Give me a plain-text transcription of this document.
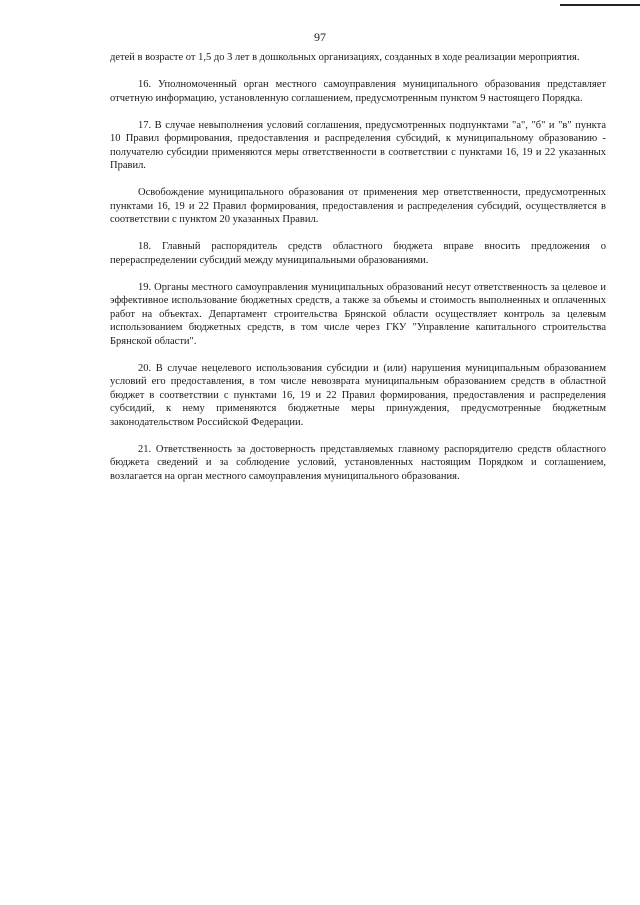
97

детей в возрасте от 1,5 до 3 лет в дошкольных организациях, созданных в ходе реализации мероприятия.

16. Уполномоченный орган местного самоуправления муниципального образования представляет отчетную информацию, установленную соглашением, предусмотренным пунктом 9 настоящего Порядка.

17. В случае невыполнения условий соглашения, предусмотренных подпунктами "а", "б" и "в" пункта 10 Правил формирования, предоставления и распределения субсидий, к муниципальному образованию - получателю субсидии применяются меры ответственности в соответствии с пунктами 16, 19 и 22 указанных Правил.

Освобождение муниципального образования от применения мер ответственности, предусмотренных пунктами 16, 19 и 22 Правил формирования, предоставления и распределения субсидий, осуществляется в соответствии с пунктом 20 указанных Правил.

18. Главный распорядитель средств областного бюджета вправе вносить предложения о перераспределении субсидий между муниципальными образованиями.

19. Органы местного самоуправления муниципальных образований несут ответственность за целевое и эффективное использование бюджетных средств, а также за объемы и стоимость выполненных и оплаченных работ на объектах. Департамент строительства Брянской области осуществляет контроль за целевым использованием бюджетных средств, в том числе через ГКУ "Управление капитального строительства Брянской области".

20. В случае нецелевого использования субсидии и (или) нарушения муниципальным образованием условий его предоставления, в том числе невозврата муниципальным образованием средств в областной бюджет в соответствии с пунктами 16, 19 и 22 Правил формирования, предоставления и распределения субсидий, к нему применяются бюджетные меры принуждения, предусмотренные бюджетным законодательством Российской Федерации.

21. Ответственность за достоверность представляемых главному распорядителю средств областного бюджета сведений и за соблюдение условий, установленных настоящим Порядком и соглашением, возлагается на орган местного самоуправления муниципального образования.
